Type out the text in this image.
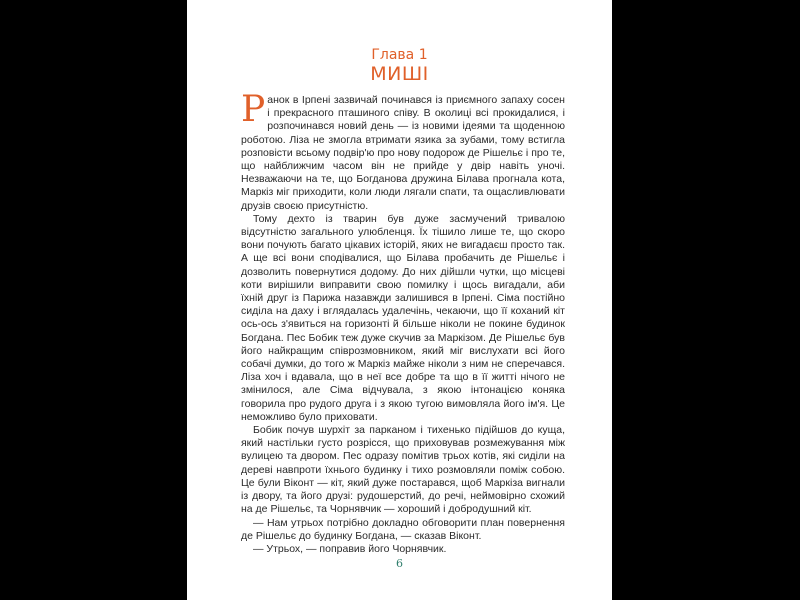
Глава 1
МИШІ

Ранок в Ірпені зазвичай починався із приємного запаху сосен і прекрасного пташиного співу. В околиці всі прокидалися, і розпочинався новий день — із новими ідеями та щоденною роботою. Ліза не змогла втримати язика за зубами, тому встигла розповісти всьому подвір'ю про нову подорож де Рішельє і про те, що найближчим часом він не прийде у двір навіть уночі. Незважаючи на те, що Богданова дружина Білава прогнала кота, Маркіз міг приходити, коли люди лягали спати, та ощасливлювати друзів своєю присутністю.

Тому дехто із тварин був дуже засмучений тривалою відсутністю загального улюбленця. Їх тішило лише те, що скоро вони почують багато цікавих історій, яких не вигадаєш просто так. А ще всі вони сподівалися, що Білава пробачить де Рішельє і дозволить повернутися додому. До них дійшли чутки, що місцеві коти вирішили виправити свою помилку і щось вигадали, аби їхній друг із Парижа назавжди залишився в Ірпені. Сіма постійно сиділа на даху і вглядалась удалечінь, чекаючи, що її коханий кіт ось-ось з'явиться на горизонті й більше ніколи не покине будинок Богдана. Пес Бобик теж дуже скучив за Маркізом. Де Рішельє був його найкращим співрозмовником, який міг вислухати всі його собачі думки, до того ж Маркіз майже ніколи з ним не сперечався. Ліза хоч і вдавала, що в неї все добре та що в її житті нічого не змінилося, але Сіма відчувала, з якою інтонацією коняка говорила про рудого друга і з якою тугою вимовляла його ім'я. Це неможливо було приховати.

Бобик почув шурхіт за парканом і тихенько підійшов до куща, який настільки густо розрісся, що приховував розмежування між вулицею та двором. Пес одразу помітив трьох котів, які сиділи на дереві навпроти їхнього будинку і тихо розмовляли поміж собою. Це були Віконт — кіт, який дуже постарався, щоб Маркіза вигнали із двору, та його друзі: рудошерстий, до речі, неймовірно схожий на де Рішельє, та Чорнявчик — хороший і добродушний кіт.

— Нам утрьох потрібно докладно обговорити план повернення де Рішельє до будинку Богдана, — сказав Віконт.

— Утрьох, — поправив його Чорнявчик.

6
